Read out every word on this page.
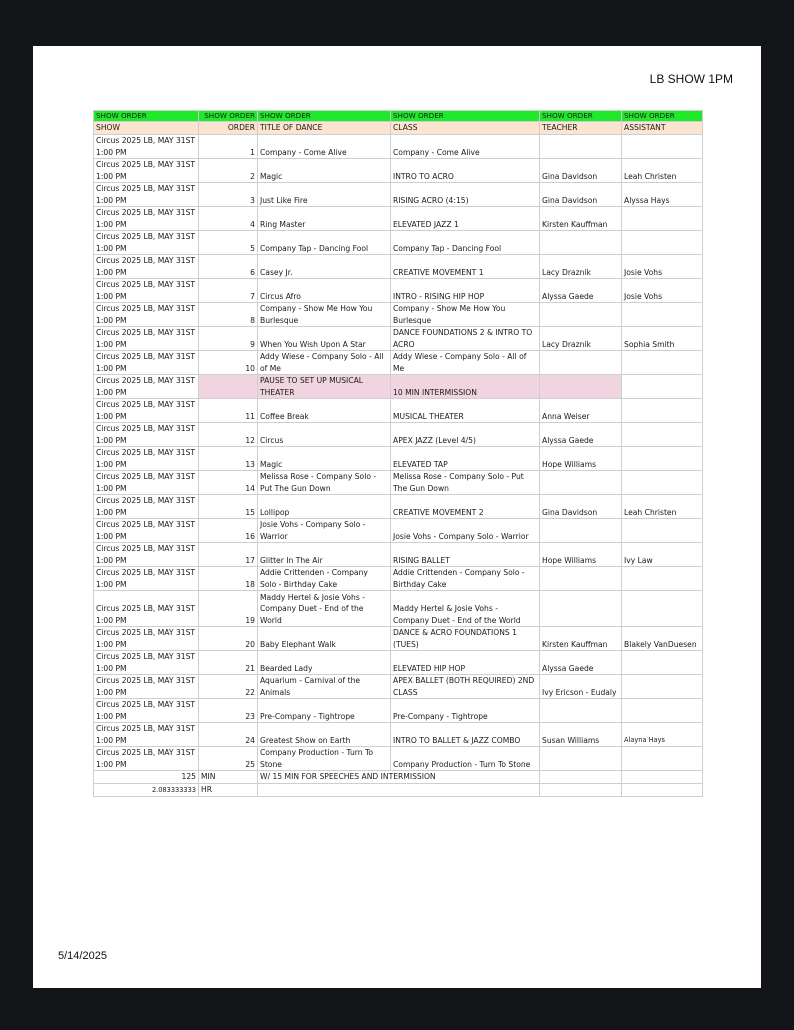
LB SHOW 1PM
SHOW ORDER	SHOW ORDER	SHOW ORDER	SHOW ORDER	SHOW ORDER	SHOW ORDER
SHOW	ORDER	TITLE OF DANCE	CLASS	TEACHER	ASSISTANT
Circus 2025 LB, MAY 31ST
1:00 PM	1	Company - Come Alive	Company - Come Alive		
Circus 2025 LB, MAY 31ST
1:00 PM	2	Magic	INTRO TO ACRO	Gina Davidson	Leah Christen
Circus 2025 LB, MAY 31ST
1:00 PM	3	Just Like Fire	RISING ACRO (4:15)	Gina Davidson	Alyssa Hays
Circus 2025 LB, MAY 31ST
1:00 PM	4	Ring Master	ELEVATED JAZZ 1	Kirsten Kauffman	
Circus 2025 LB, MAY 31ST
1:00 PM	5	Company Tap - Dancing Fool	Company Tap - Dancing Fool		
Circus 2025 LB, MAY 31ST
1:00 PM	6	Casey Jr.	CREATIVE MOVEMENT 1	Lacy Draznik	Josie Vohs
Circus 2025 LB, MAY 31ST
1:00 PM	7	Circus Afro	INTRO - RISING HIP HOP	Alyssa Gaede	Josie Vohs
Circus 2025 LB, MAY 31ST
1:00 PM	8	Company - Show Me How You
Burlesque	Company - Show Me How You
Burlesque		
Circus 2025 LB, MAY 31ST
1:00 PM	9	When You Wish Upon A Star	DANCE FOUNDATIONS 2 & INTRO TO
ACRO	Lacy Draznik	Sophia Smith
Circus 2025 LB, MAY 31ST
1:00 PM	10	Addy Wiese - Company Solo - All
of Me	Addy Wiese - Company Solo - All of
Me		
Circus 2025 LB, MAY 31ST
1:00 PM		PAUSE TO SET UP MUSICAL
THEATER	10 MIN INTERMISSION		
Circus 2025 LB, MAY 31ST
1:00 PM	11	Coffee Break	MUSICAL THEATER	Anna Weiser	
Circus 2025 LB, MAY 31ST
1:00 PM	12	Circus	APEX JAZZ (Level 4/5)	Alyssa Gaede	
Circus 2025 LB, MAY 31ST
1:00 PM	13	Magic	ELEVATED TAP	Hope Williams	
Circus 2025 LB, MAY 31ST
1:00 PM	14	Melissa Rose - Company Solo -
Put The Gun Down	Melissa Rose - Company Solo - Put
The Gun Down		
Circus 2025 LB, MAY 31ST
1:00 PM	15	Lollipop	CREATIVE MOVEMENT 2	Gina Davidson	Leah Christen
Circus 2025 LB, MAY 31ST
1:00 PM	16	Josie Vohs - Company Solo -
Warrior	Josie Vohs - Company Solo - Warrior		
Circus 2025 LB, MAY 31ST
1:00 PM	17	Glitter In The Air	RISING BALLET	Hope Williams	Ivy Law
Circus 2025 LB, MAY 31ST
1:00 PM	18	Addie Crittenden - Company
Solo - Birthday Cake	Addie Crittenden - Company Solo -
Birthday Cake		
Circus 2025 LB, MAY 31ST
1:00 PM	19	Maddy Hertel & Josie Vohs -
Company Duet - End of the
World	Maddy Hertel & Josie Vohs -
Company Duet - End of the World		
Circus 2025 LB, MAY 31ST
1:00 PM	20	Baby Elephant Walk	DANCE & ACRO FOUNDATIONS 1
(TUES)	Kirsten Kauffman	Blakely VanDuesen
Circus 2025 LB, MAY 31ST
1:00 PM	21	Bearded Lady	ELEVATED HIP HOP	Alyssa Gaede	
Circus 2025 LB, MAY 31ST
1:00 PM	22	Aquarium - Carnival of the
Animals	APEX BALLET (BOTH REQUIRED) 2ND
CLASS	Ivy Ericson - Eudaly	
Circus 2025 LB, MAY 31ST
1:00 PM	23	Pre-Company - Tightrope	Pre-Company - Tightrope		
Circus 2025 LB, MAY 31ST
1:00 PM	24	Greatest Show on Earth	INTRO TO BALLET & JAZZ COMBO	Susan Williams	Alayna Hays
Circus 2025 LB, MAY 31ST
1:00 PM	25	Company Production - Turn To
Stone	Company Production - Turn To Stone		
125	MIN	W/ 15 MIN FOR SPEECHES AND INTERMISSION			
2.083333333	HR				
5/14/2025
